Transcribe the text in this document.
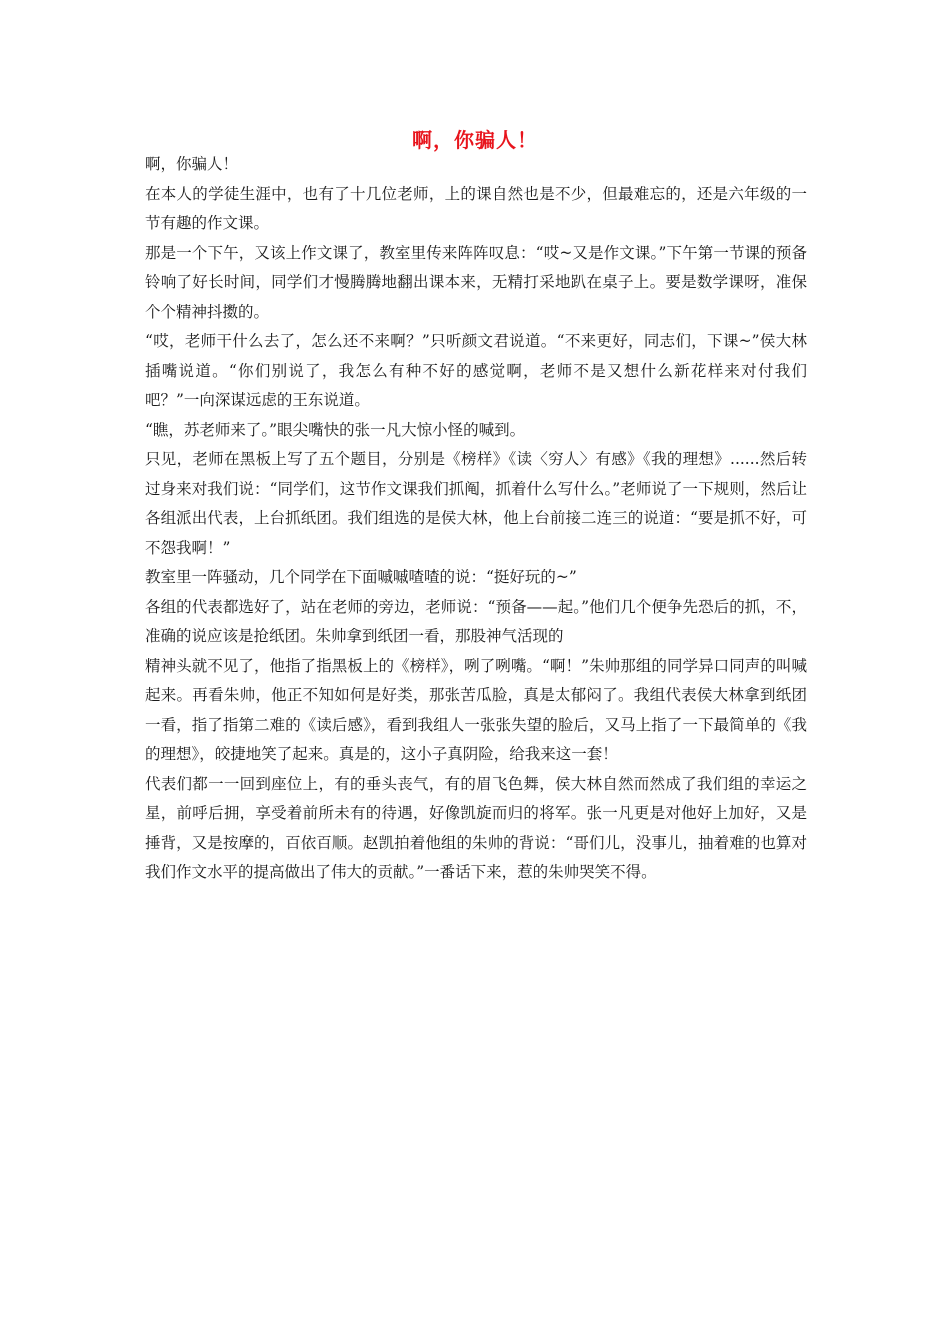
啊，你骗人！

啊，你骗人！

在本人的学徒生涯中，也有了十几位老师，上的课自然也是不少，但最难忘的，还是六年级的一节有趣的作文课。

那是一个下午，又该上作文课了，教室里传来阵阵叹息：“哎~又是作文课。”下午第一节课的预备铃响了好长时间，同学们才慢腾腾地翻出课本来，无精打采地趴在桌子上。要是数学课呀，准保个个精神抖擞的。

“哎，老师干什么去了，怎么还不来啊？”只听颜文君说道。“不来更好，同志们，下课~”侯大林插嘴说道。“你们别说了，我怎么有种不好的感觉啊，老师不是又想什么新花样来对付我们吧？”一向深谋远虑的王东说道。

“瞧，苏老师来了。”眼尖嘴快的张一凡大惊小怪的喊到。

只见，老师在黑板上写了五个题目，分别是《榜样》《读〈穷人〉有感》《我的理想》......然后转过身来对我们说：“同学们，这节作文课我们抓阄，抓着什么写什么。”老师说了一下规则，然后让各组派出代表，上台抓纸团。我们组选的是侯大林，他上台前接二连三的说道：“要是抓不好，可不怨我啊！”

教室里一阵骚动，几个同学在下面嘁嘁喳喳的说：“挺好玩的~”

各组的代表都选好了，站在老师的旁边，老师说：“预备——起。”他们几个便争先恐后的抓，不，准确的说应该是抢纸团。朱帅拿到纸团一看，那股神气活现的

精神头就不见了，他指了指黑板上的《榜样》，咧了咧嘴。“啊！”朱帅那组的同学异口同声的叫喊起来。再看朱帅，他正不知如何是好类，那张苦瓜脸，真是太郁闷了。我组代表侯大林拿到纸团一看，指了指第二难的《读后感》，看到我组人一张张失望的脸后，又马上指了一下最简单的《我的理想》，皎捷地笑了起来。真是的，这小子真阴险，给我来这一套！

代表们都一一回到座位上，有的垂头丧气，有的眉飞色舞，侯大林自然而然成了我们组的幸运之星，前呼后拥，享受着前所未有的待遇，好像凯旋而归的将军。张一凡更是对他好上加好，又是捶背，又是按摩的，百依百顺。赵凯拍着他组的朱帅的背说：“哥们儿，没事儿，抽着难的也算对我们作文水平的提高做出了伟大的贡献。”一番话下来，惹的朱帅哭笑不得。
